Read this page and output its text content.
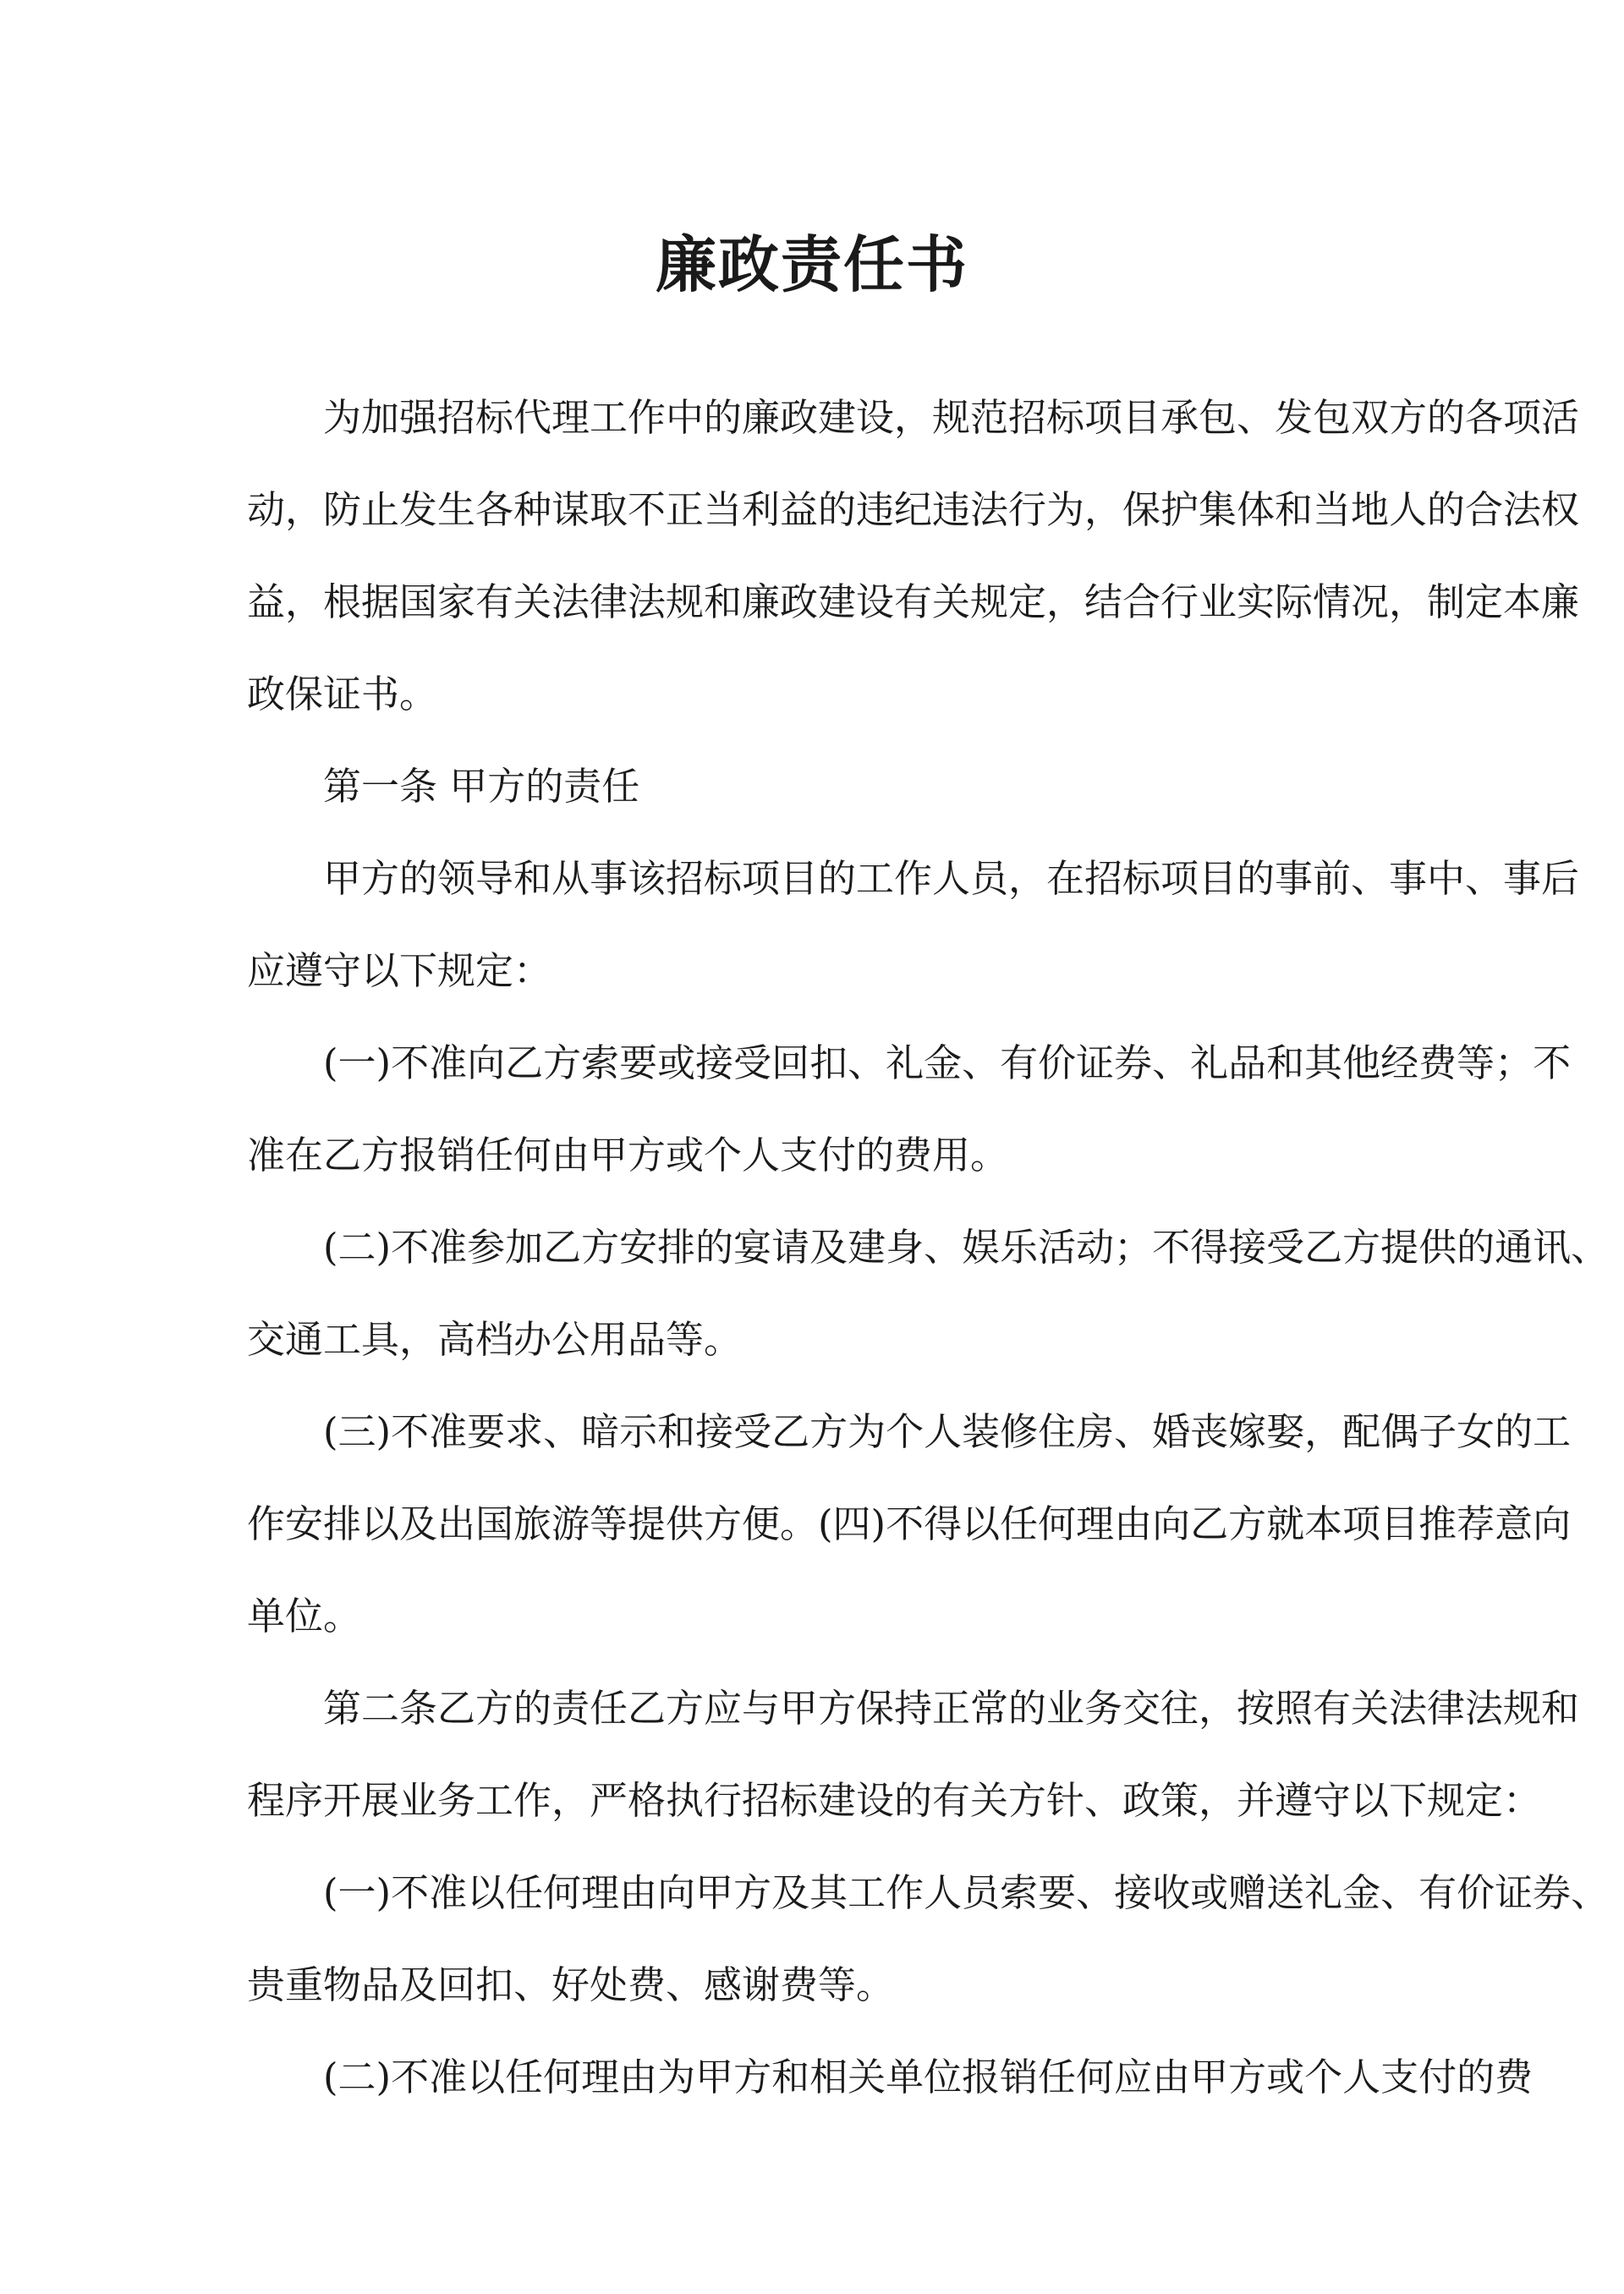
廉政责任书
为加强招标代理工作中的廉政建设，规范招标项目承包、发包双方的各项活
动，防止发生各种谋取不正当利益的违纪违法行为，保护集体和当地人的合法权
益，根据国家有关法律法规和廉政建设有关规定，结合行业实际情况，制定本廉
政保证书。
第一条 甲方的责任
甲方的领导和从事该招标项目的工作人员，在招标项目的事前、事中、事后
应遵守以下规定：
(一)不准向乙方索要或接受回扣、礼金、有价证券、礼品和其他经费等；不
准在乙方报销任何由甲方或个人支付的费用。
(二)不准参加乙方安排的宴请及建身、娱乐活动；不得接受乙方提供的通讯、
交通工具，高档办公用品等。
(三)不准要求、暗示和接受乙方为个人装修住房、婚丧嫁娶，配偶子女的工
作安排以及出国旅游等提供方便。(四)不得以任何理由向乙方就本项目推荐意向
单位。
第二条乙方的责任乙方应与甲方保持正常的业务交往，按照有关法律法规和
程序开展业务工作，严格执行招标建设的有关方针、政策，并遵守以下规定：
(一)不准以任何理由向甲方及其工作人员索要、接收或赠送礼金、有价证券、
贵重物品及回扣、好处费、感谢费等。
(二)不准以任何理由为甲方和相关单位报销任何应由甲方或个人支付的费
